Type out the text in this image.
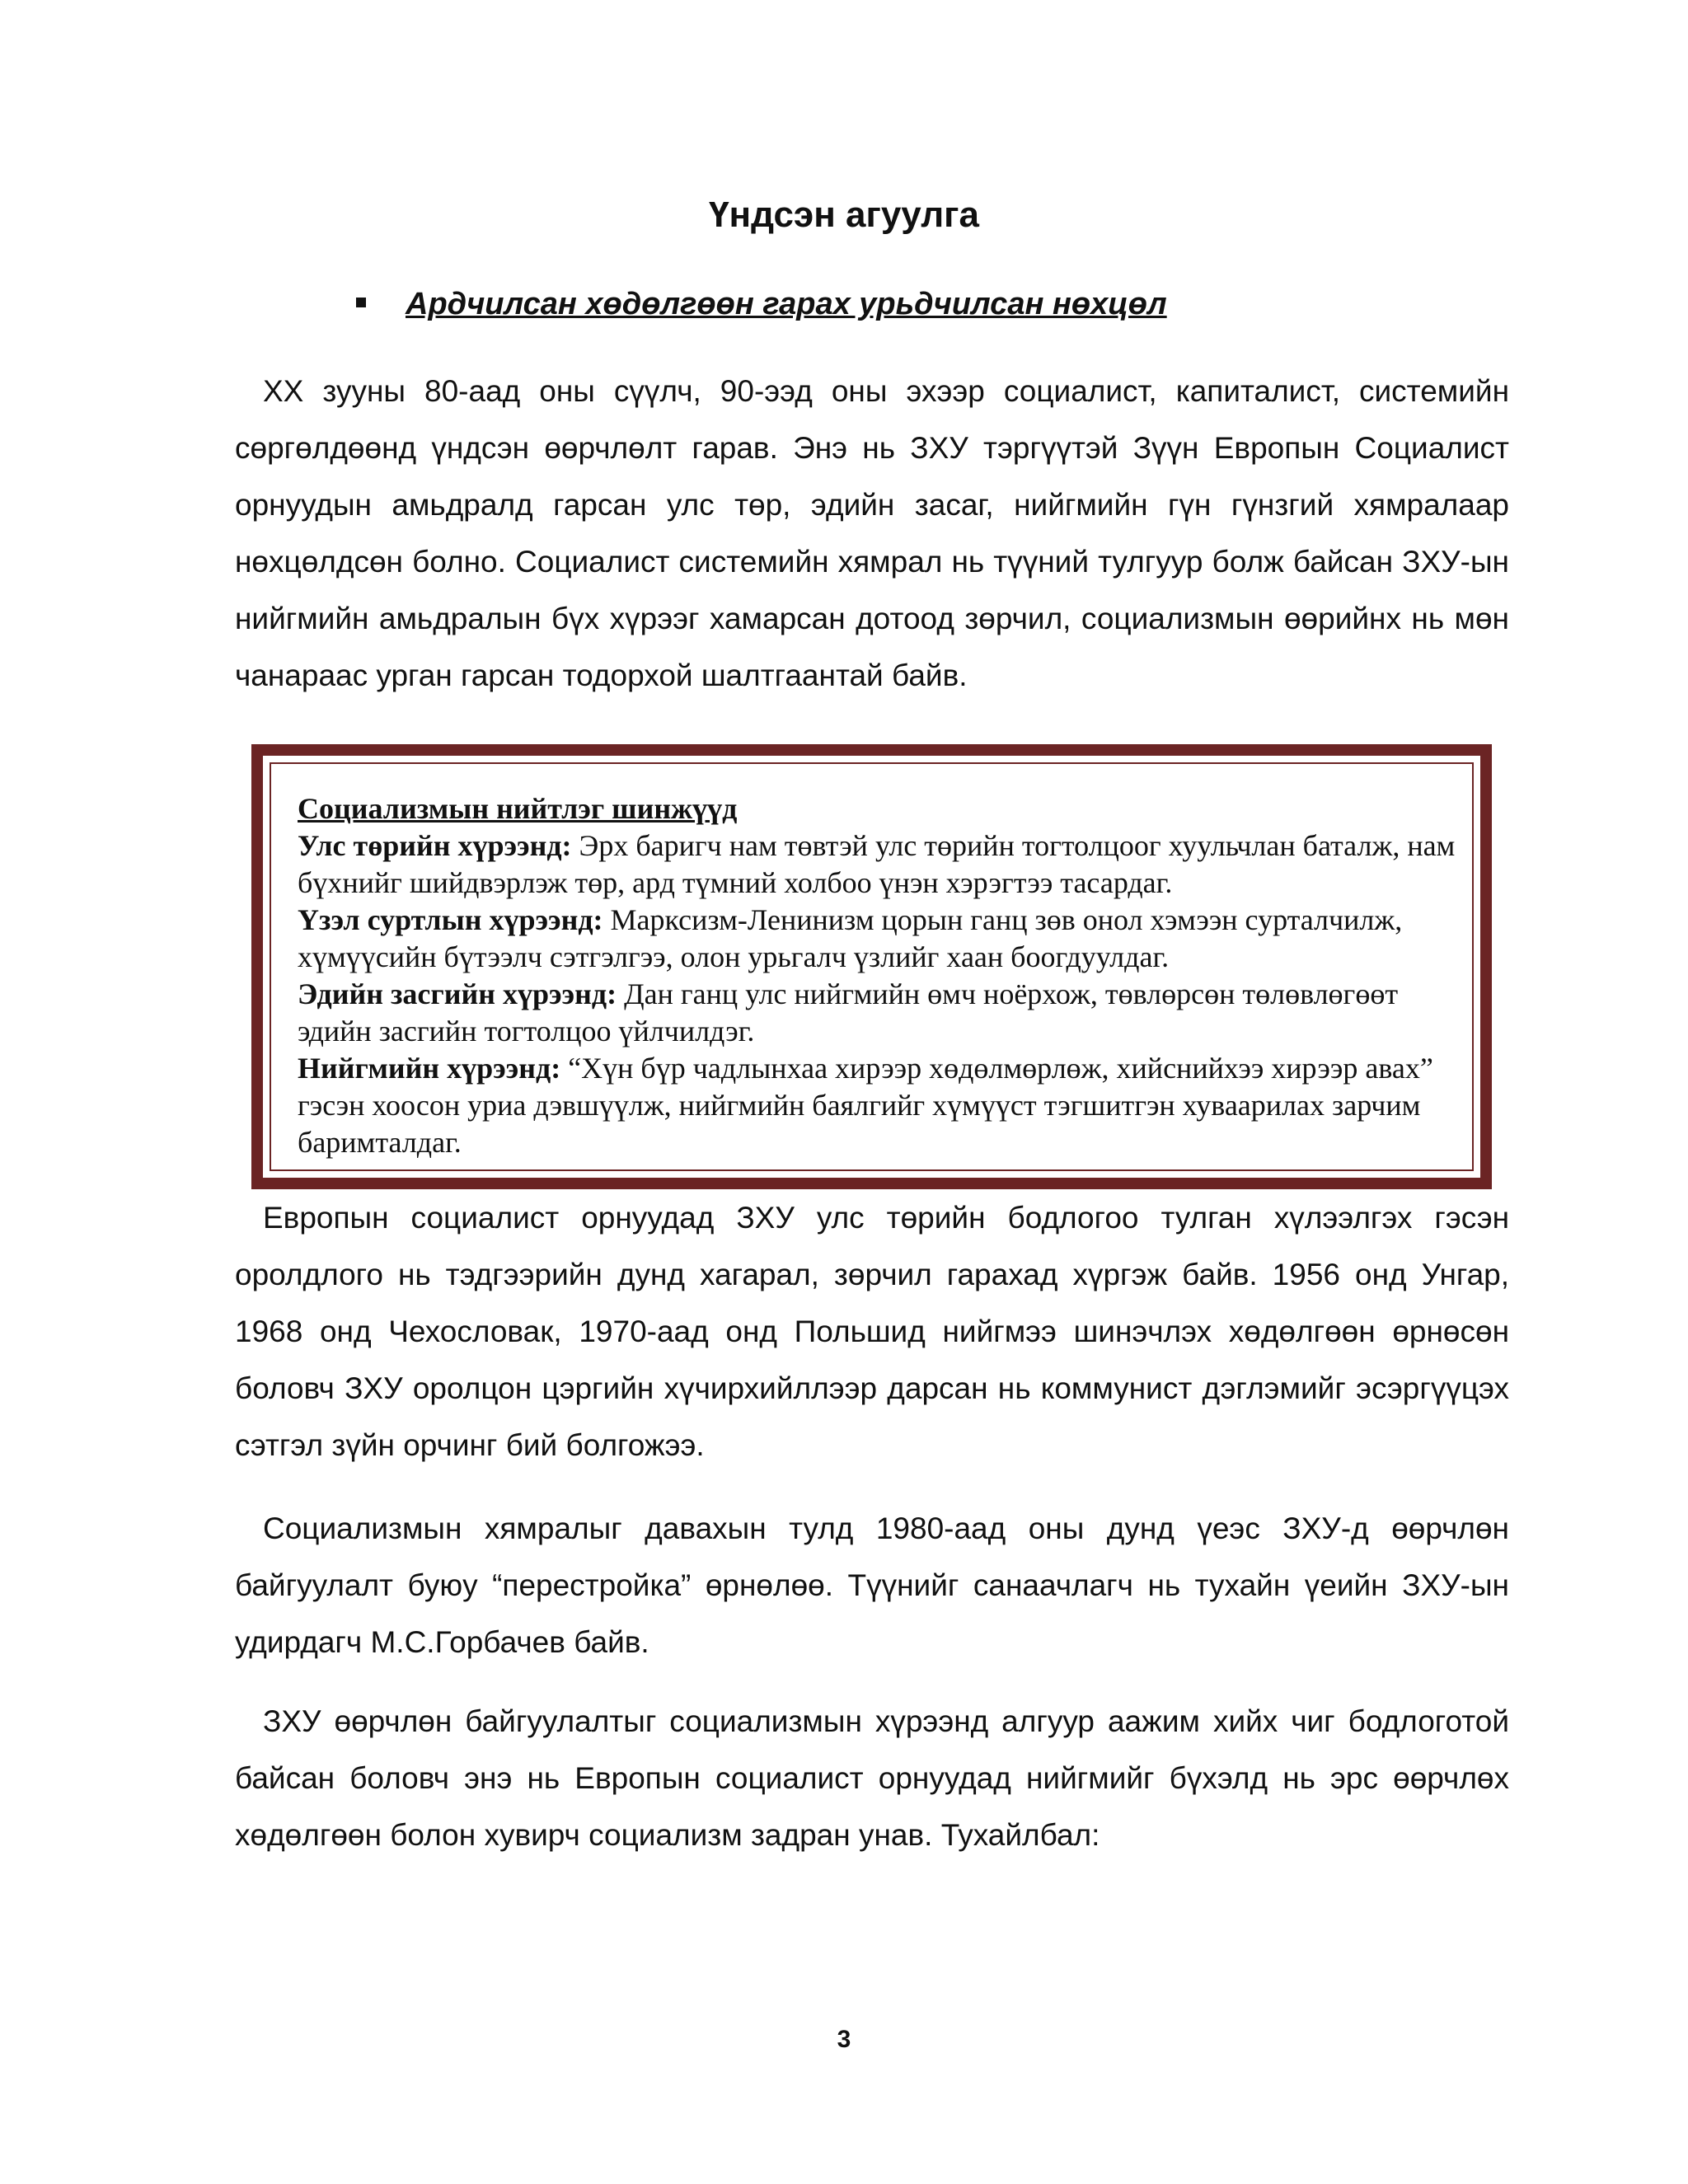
Үндсэн агуулга
Ардчилсан хөдөлгөөн гарах урьдчилсан нөхцөл

XX зууны 80-аад оны сүүлч, 90-ээд оны эхээр социалист, капиталист, системийн сөргөлдөөнд үндсэн өөрчлөлт гарав. Энэ нь ЗХУ тэргүүтэй Зүүн Европын Социалист орнуудын амьдралд гарсан улс төр, эдийн засаг, нийгмийн гүн гүнзгий хямралаар нөхцөлдсөн болно. Социалист системийн хямрал нь түүний тулгуур болж байсан ЗХУ-ын нийгмийн амьдралын бүх хүрээг хамарсан дотоод зөрчил, социализмын өөрийнх нь мөн чанараас урган гарсан тодорхой шалтгаантай байв.

Социализмын нийтлэг шинжүүд
Улс төрийн хүрээнд: Эрх баригч нам төвтэй улс төрийн тогтолцоог хуульчлан баталж, нам бүхнийг шийдвэрлэж төр, ард түмний холбоо үнэн хэрэгтээ тасардаг.
Үзэл суртлын хүрээнд: Марксизм-Ленинизм цорын ганц зөв онол хэмээн сурталчилж, хүмүүсийн бүтээлч сэтгэлгээ, олон урьгалч үзлийг хаан боогдуулдаг.
Эдийн засгийн хүрээнд: Дан ганц улс нийгмийн өмч ноёрхож, төвлөрсөн төлөвлөгөөт эдийн засгийн тогтолцоо үйлчилдэг.
Нийгмийн хүрээнд: “Хүн бүр чадлынхаа хирээр хөдөлмөрлөж, хийснийхээ хирээр авах” гэсэн хоосон уриа дэвшүүлж, нийгмийн баялгийг хүмүүст тэгшитгэн хуваарилах зарчим баримталдаг.

Европын социалист орнуудад ЗХУ улс төрийн бодлогоо тулган хүлээлгэх гэсэн оролдлого нь тэдгээрийн дунд хагарал, зөрчил гарахад хүргэж байв. 1956 онд Унгар, 1968 онд Чехословак, 1970-аад онд Польшид нийгмээ шинэчлэх хөдөлгөөн өрнөсөн боловч ЗХУ оролцон цэргийн хүчирхийллээр дарсан нь коммунист дэглэмийг эсэргүүцэх сэтгэл зүйн орчинг бий болгожээ.

Социализмын хямралыг давахын тулд 1980-аад оны дунд үеэс ЗХУ-д өөрчлөн байгуулалт буюу “перестройка” өрнөлөө. Түүнийг санаачлагч нь тухайн үеийн ЗХУ-ын удирдагч М.С.Горбачев байв.

ЗХУ өөрчлөн байгуулалтыг социализмын хүрээнд алгуур аажим хийх чиг бодлоготой байсан боловч энэ нь Европын социалист орнуудад нийгмийг бүхэлд нь эрс өөрчлөх хөдөлгөөн болон хувирч социализм задран унав. Тухайлбал:

3
